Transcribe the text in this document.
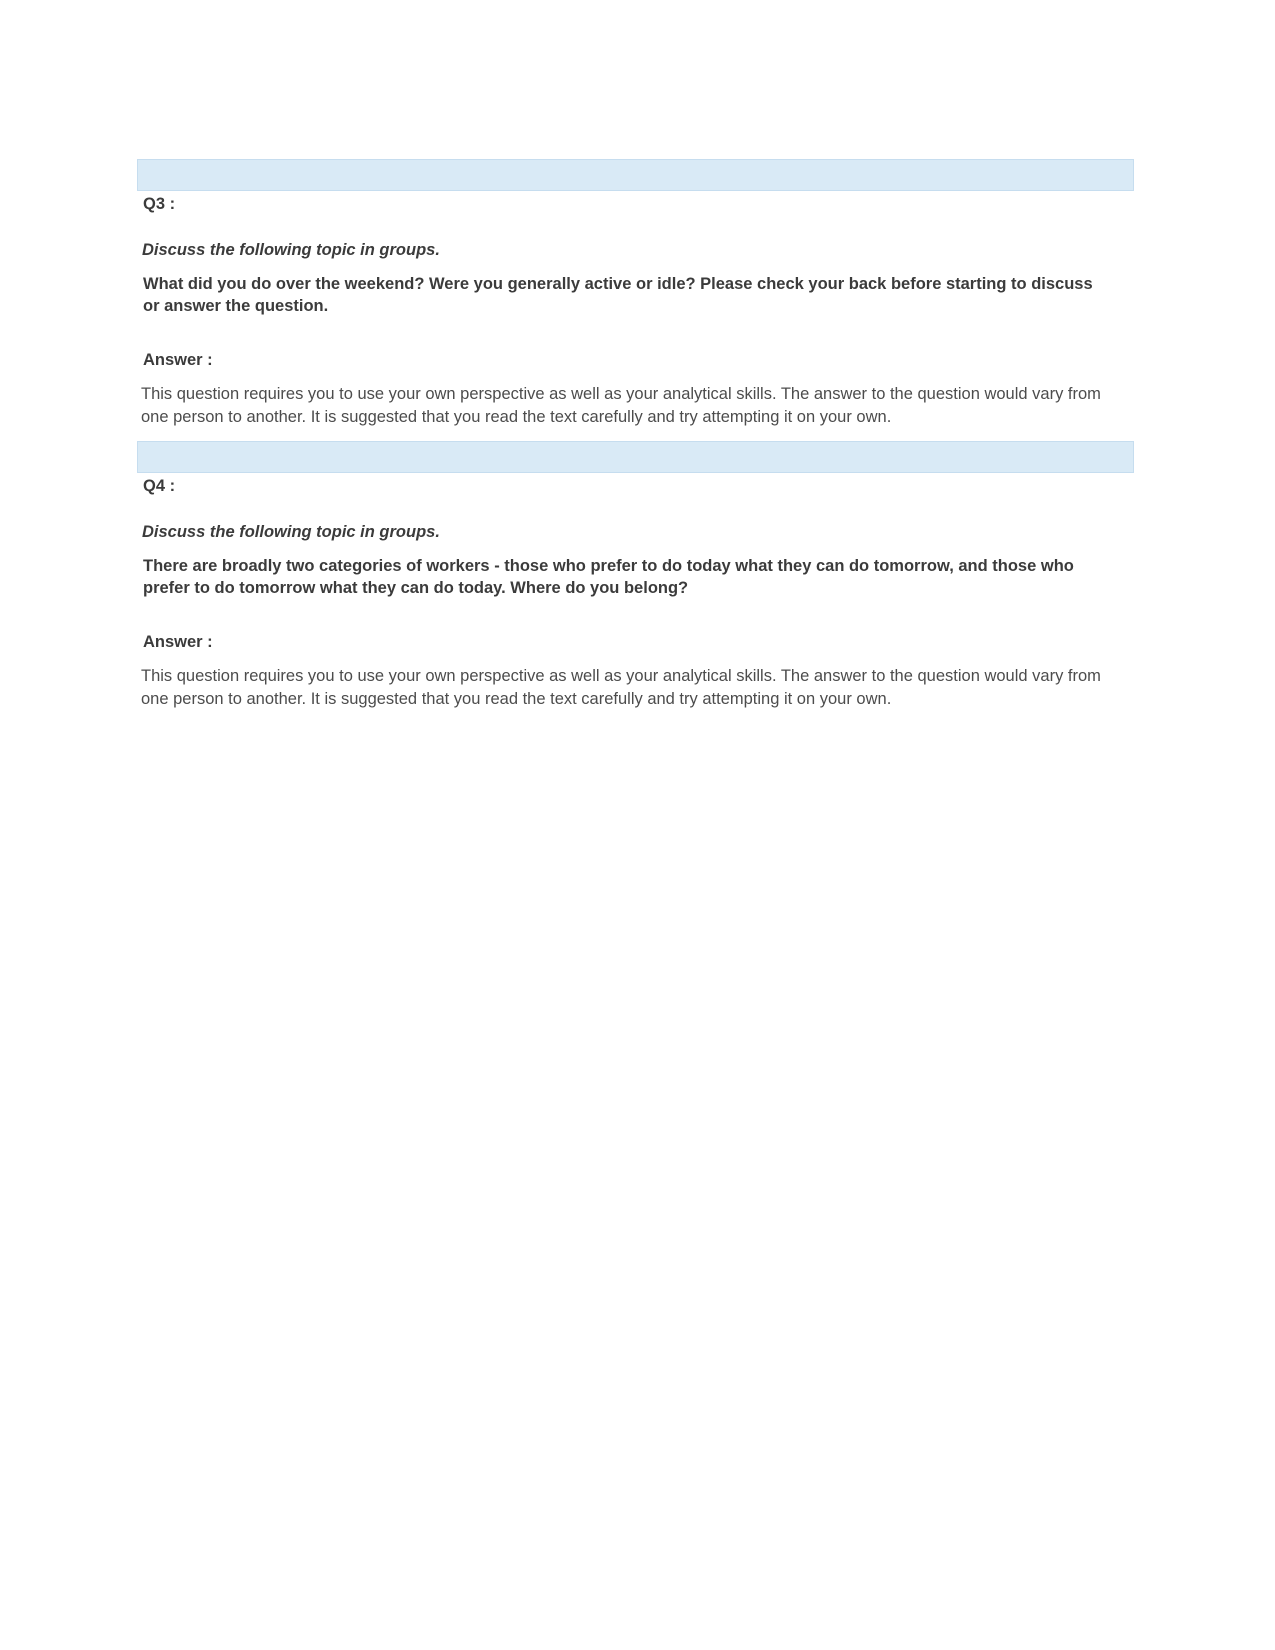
Q3 :

Discuss the following topic in groups.

What did you do over the weekend? Were you generally active or idle? Please check your back before starting to discuss or answer the question.

Answer :

This question requires you to use your own perspective as well as your analytical skills. The answer to the question would vary from one person to another. It is suggested that you read the text carefully and try attempting it on your own.

Q4 :

Discuss the following topic in groups.

There are broadly two categories of workers - those who prefer to do today what they can do tomorrow, and those who prefer to do tomorrow what they can do today. Where do you belong?

Answer :

This question requires you to use your own perspective as well as your analytical skills. The answer to the question would vary from one person to another. It is suggested that you read the text carefully and try attempting it on your own.
